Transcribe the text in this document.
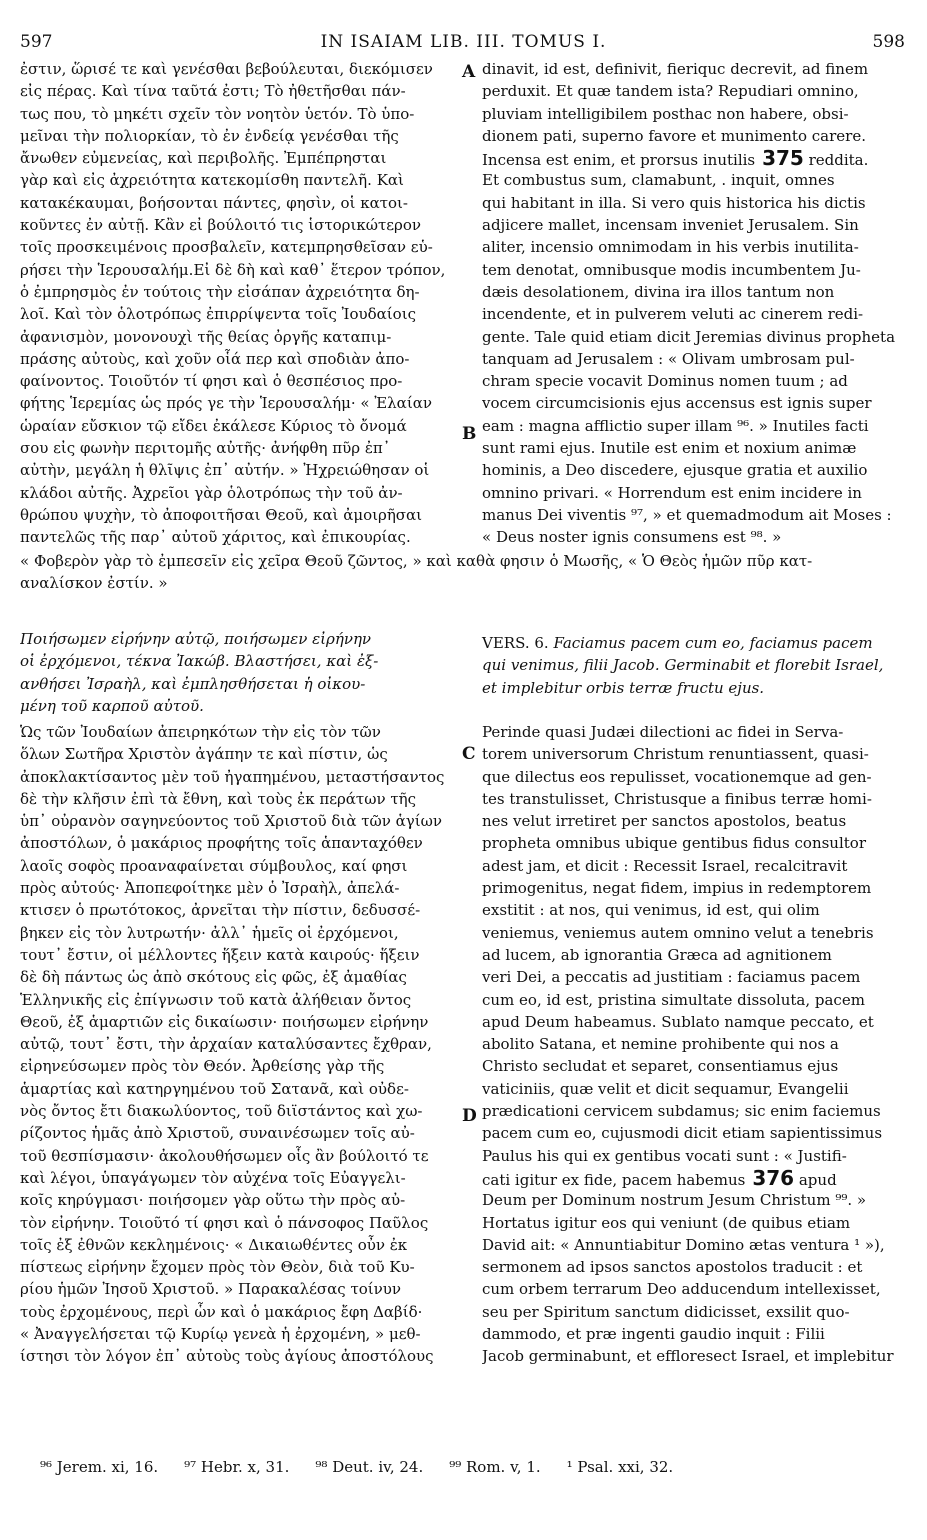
597	IN ISAIAM LIB. III. TOMUS I.	598
A
B
C
D
ἐστιν, ὥρισέ τε καὶ γενέσθαι βεβούλευται, διεκόμισεν
εἰς πέρας. Καὶ τίνα ταῦτά ἐστι; Τὸ ἠθετῆσθαι πάν-
τως που, τὸ μηκέτι σχεῖν τὸν νοητὸν ὑετόν. Τὸ ὑπο-
μεῖναι τὴν πολιορκίαν, τὸ ἐν ἐνδείᾳ γενέσθαι τῆς
ἄνωθεν εὐμενείας, καὶ περιβολῆς. Ἐμπέπρησται
γὰρ καὶ εἰς ἀχρειότητα κατεκομίσθη παντελῆ. Καὶ
κατακέκαυμαι, βοήσονται πάντες, φησὶν, οἱ κατοι-
κοῦντες ἐν αὐτῇ. Κἂν εἰ βούλοιτό τις ἱστορικώτερον
τοῖς προσκειμένοις προσβαλεῖν, κατεμπρησθεῖσαν εὑ-
ρήσει τὴν Ἱερουσαλήμ.Εἰ δὲ δὴ καὶ καθ᾽ ἕτερον τρόπον,
ὁ ἐμπρησμὸς ἐν τούτοις τὴν εἰσάπαν ἀχρειότητα δη-
λοῖ. Καὶ τὸν ὁλοτρόπως ἐπιρρίψεντα τοῖς Ἰουδαίοις
ἀφανισμὸν, μονονουχὶ τῆς θείας ὀργῆς καταπιμ-
πράσης αὐτοὺς, καὶ χοῦν οἷά περ καὶ σποδιὰν ἀπο-
φαίνοντος. Τοιοῦτόν τί φησι καὶ ὁ θεσπέσιος προ-
φήτης Ἱερεμίας ὡς πρός γε τὴν Ἱερουσαλήμ· « Ἐλαίαν
ὡραίαν εὔσκιον τῷ εἴδει ἐκάλεσε Κύριος τὸ ὄνομά
σου εἰς φωνὴν περιτομῆς αὐτῆς· ἀνήφθη πῦρ ἐπ᾽
αὐτὴν, μεγάλη ἡ θλῖψις ἐπ᾽ αὐτήν. » Ἠχρειώθησαν οἱ
κλάδοι αὐτῆς. Ἀχρεῖοι γὰρ ὁλοτρόπως τὴν τοῦ ἀν-
θρώπου ψυχὴν, τὸ ἀποφοιτῆσαι Θεοῦ, καὶ ἀμοιρῆσαι
παντελῶς τῆς παρ᾽ αὐτοῦ χάριτος, καὶ ἐπικουρίας.
dinavit, id est, definivit, fieriquc decrevit, ad finem
perduxit. Et quæ tandem ista? Repudiari omnino,
pluviam intelligibilem posthac non habere, obsi-
dionem pati, superno favore et munimento carere.
Incensa est enim, et prorsus inutilis 375 reddita.
Et combustus sum, clamabunt, . inquit, omnes
qui habitant in illa. Si vero quis historica his dictis
adjicere mallet, incensam inveniet Jerusalem. Sin
aliter, incensio omnimodam in his verbis inutilita-
tem denotat, omnibusque modis incumbentem Ju-
dæis desolationem, divina ira illos tantum non
incendente, et in pulverem veluti ac cinerem redi-
gente. Tale quid etiam dicit Jeremias divinus propheta
tanquam ad Jerusalem : « Olivam umbrosam pul-
chram specie vocavit Dominus nomen tuum ; ad
vocem circumcisionis ejus accensus est ignis super
eam : magna afflictio super illam ⁹⁶. » Inutiles facti
sunt rami ejus. Inutile est enim et noxium animæ
hominis, a Deo discedere, ejusque gratia et auxilio
omnino privari. « Horrendum est enim incidere in
manus Dei viventis ⁹⁷, » et quemadmodum ait Moses :
« Deus noster ignis consumens est ⁹⁸. »
« Φοβερὸν γὰρ τὸ ἐμπεσεῖν εἰς χεῖρα Θεοῦ ζῶντος, » καὶ καθὰ φησιν ὁ Μωσῆς, « Ὁ Θεὸς ἡμῶν πῦρ κατ-
αναλίσκον ἐστίν. »
Ποιήσωμεν εἰρήνην αὐτῷ, ποιήσωμεν εἰρήνην
οἱ ἐρχόμενοι, τέκνα Ἰακώβ. Βλαστήσει, καὶ ἐξ-
ανθήσει Ἰσραὴλ, καὶ ἐμπλησθήσεται ἡ οἰκου-
μένη τοῦ καρποῦ αὐτοῦ.
VERS. 6. Faciamus pacem cum eo, faciamus pacem
qui venimus, filii Jacob. Germinabit et florebit Israel,
et implebitur orbis terræ fructu ejus.
Ὡς τῶν Ἰουδαίων ἀπειρηκότων τὴν εἰς τὸν τῶν
ὅλων Σωτῆρα Χριστὸν ἀγάπην τε καὶ πίστιν, ὡς
ἀποκλακτίσαντος μὲν τοῦ ἠγαπημένου, μεταστήσαντος
δὲ τὴν κλῆσιν ἐπὶ τὰ ἔθνη, καὶ τοὺς ἐκ περάτων τῆς
ὑπ᾽ οὐρανὸν σαγηνεύοντος τοῦ Χριστοῦ διὰ τῶν ἁγίων
ἀποστόλων, ὁ μακάριος προφήτης τοῖς ἁπανταχόθεν
λαοῖς σοφὸς προαναφαίνεται σύμβουλος, καί φησι
πρὸς αὐτούς· Ἀποπεφοίτηκε μὲν ὁ Ἰσραὴλ, ἀπελά-
κτισεν ὁ πρωτότοκος, ἀρνεῖται τὴν πίστιν, δεδυσσέ-
βηκεν εἰς τὸν λυτρωτήν· ἀλλ᾽ ἡμεῖς οἱ ἐρχόμενοι,
τουτ᾽ ἔστιν, οἱ μέλλοντες ἥξειν κατὰ καιρούς· ἥξειν
δὲ δὴ πάντως ὡς ἀπὸ σκότους εἰς φῶς, ἐξ ἀμαθίας
Ἑλληνικῆς εἰς ἐπίγνωσιν τοῦ κατὰ ἀλήθειαν ὄντος
Θεοῦ, ἐξ ἁμαρτιῶν εἰς δικαίωσιν· ποιήσωμεν εἰρήνην
αὐτῷ, τουτ᾽ ἔστι, τὴν ἀρχαίαν καταλύσαντες ἔχθραν,
εἰρηνεύσωμεν πρὸς τὸν Θεόν. Ἀρθείσης γὰρ τῆς
ἁμαρτίας καὶ κατηργημένου τοῦ Σατανᾶ, καὶ οὐδε-
νὸς ὄντος ἔτι διακωλύοντος, τοῦ διϊστάντος καὶ χω-
ρίζοντος ἡμᾶς ἀπὸ Χριστοῦ, συναινέσωμεν τοῖς αὐ-
τοῦ θεσπίσμασιν· ἀκολουθήσωμεν οἷς ἂν βούλοιτό τε
καὶ λέγοι, ὑπαγάγωμεν τὸν αὐχένα τοῖς Εὐαγγελι-
κοῖς κηρύγμασι· ποιήσομεν γὰρ οὕτω τὴν πρὸς αὐ-
τὸν εἰρήνην. Τοιοῦτό τί φησι καὶ ὁ πάνσοφος Παῦλος
τοῖς ἐξ ἐθνῶν κεκλημένοις· « Δικαιωθέντες οὖν ἐκ
πίστεως εἰρήνην ἔχομεν πρὸς τὸν Θεὸν, διὰ τοῦ Κυ-
ρίου ἡμῶν Ἰησοῦ Χριστοῦ. » Παρακαλέσας τοίνυν
τοὺς ἐρχομένους, περὶ ὧν καὶ ὁ μακάριος ἔφη Δαβίδ·
« Ἀναγγελήσεται τῷ Κυρίῳ γενεὰ ἡ ἐρχομένη, » μεθ-
ίστησι τὸν λόγον ἐπ᾽ αὐτοὺς τοὺς ἁγίους ἀποστόλους
Perinde quasi Judæi dilectioni ac fidei in Serva-
torem universorum Christum renuntiassent, quasi-
que dilectus eos repulisset, vocationemque ad gen-
tes transtulisset, Christusque a finibus terræ homi-
nes velut irretiret per sanctos apostolos, beatus
propheta omnibus ubique gentibus fidus consultor
adest jam, et dicit : Recessit Israel, recalcitravit
primogenitus, negat fidem, impius in redemptorem
exstitit : at nos, qui venimus, id est, qui olim
veniemus, veniemus autem omnino velut a tenebris
ad lucem, ab ignorantia Græca ad agnitionem
veri Dei, a peccatis ad justitiam : faciamus pacem
cum eo, id est, pristina simultate dissoluta, pacem
apud Deum habeamus. Sublato namque peccato, et
abolito Satana, et nemine prohibente qui nos a
Christo secludat et separet, consentiamus ejus
vaticiniis, quæ velit et dicit sequamur, Evangelii
prædicationi cervicem subdamus; sic enim faciemus
pacem cum eo, cujusmodi dicit etiam sapientissimus
Paulus his qui ex gentibus vocati sunt : « Justifi-
cati igitur ex fide, pacem habemus 376 apud
Deum per Dominum nostrum Jesum Christum ⁹⁹. »
Hortatus igitur eos qui veniunt (de quibus etiam
David ait: « Annuntiabitur Domino ætas ventura ¹ »),
sermonem ad ipsos sanctos apostolos traducit : et
cum orbem terrarum Deo adducendum intellexisset,
seu per Spiritum sanctum didicisset, exsilit quo-
dammodo, et præ ingenti gaudio inquit : Filii
Jacob germinabunt, et effloresect Israel, et implebitur
⁹⁶ Jerem. xi, 16. ⁹⁷ Hebr. x, 31. ⁹⁸ Deut. iv, 24. ⁹⁹ Rom. v, 1. ¹ Psal. xxi, 32.
